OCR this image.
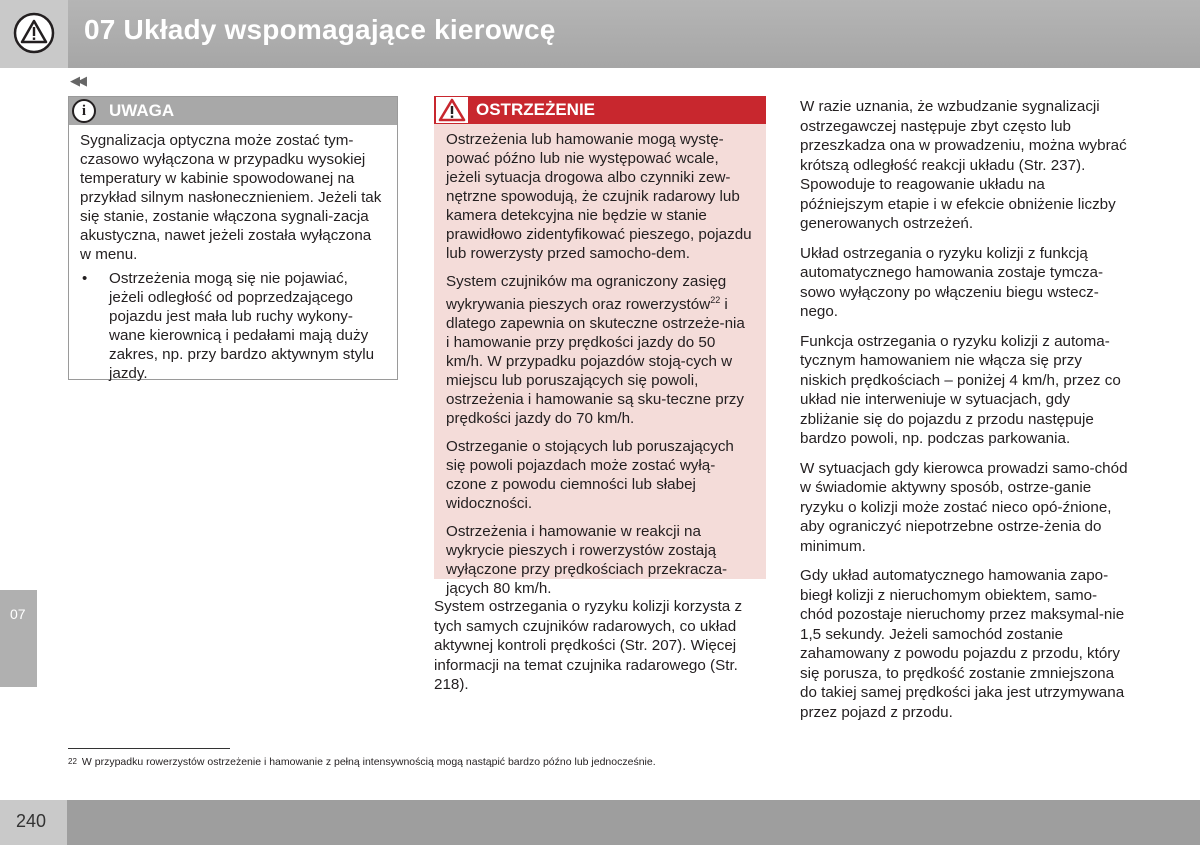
07 Układy wspomagające kierowcę
◀◀
i	UWAGA

Sygnalizacja optyczna może zostać tym-czasowo wyłączona w przypadku wysokiej temperatury w kabinie spowodowanej na przykład silnym nasłonecznieniem. Jeżeli tak się stanie, zostanie włączona sygnali-zacja akustyczna, nawet jeżeli została wyłączona w menu.

• Ostrzeżenia mogą się nie pojawiać, jeżeli odległość od poprzedzającego pojazdu jest mała lub ruchy wykony-wane kierownicą i pedałami mają duży zakres, np. przy bardzo aktywnym stylu jazdy.
OSTRZEŻENIE

Ostrzeżenia lub hamowanie mogą wystę-pować późno lub nie występować wcale, jeżeli sytuacja drogowa albo czynniki zew-nętrzne spowodują, że czujnik radarowy lub kamera detekcyjna nie będzie w stanie prawidłowo zidentyfikować pieszego, pojazdu lub rowerzysty przed samocho-dem.

System czujników ma ograniczony zasięg wykrywania pieszych oraz rowerzystów$^{22}$ i dlatego zapewnia on skuteczne ostrzeże-nia i hamowanie przy prędkości jazdy do 50 km/h. W przypadku pojazdów stoją-cych w miejscu lub poruszających się powoli, ostrzeżenia i hamowanie są sku-teczne przy prędkości jazdy do 70 km/h.

Ostrzeganie o stojących lub poruszających się powoli pojazdach może zostać wyłą-czone z powodu ciemności lub słabej widoczności.

Ostrzeżenia i hamowanie w reakcji na wykrycie pieszych i rowerzystów zostają wyłączone przy prędkościach przekracza-jących 80 km/h.

System ostrzegania o ryzyku kolizji korzysta z tych samych czujników radarowych, co układ aktywnej kontroli prędkości (Str. 207). Więcej informacji na temat czujnika radarowego (Str. 218).

W razie uznania, że wzbudzanie sygnalizacji ostrzegawczej następuje zbyt często lub przeszkadza ona w prowadzeniu, można wybrać krótszą odległość reakcji układu (Str. 237). Spowoduje to reagowanie układu na późniejszym etapie i w efekcie obniżenie liczby generowanych ostrzeżeń.

Układ ostrzegania o ryzyku kolizji z funkcją automatycznego hamowania zostaje tymcza-sowo wyłączony po włączeniu biegu wstecz-nego.

Funkcja ostrzegania o ryzyku kolizji z automa-tycznym hamowaniem nie włącza się przy niskich prędkościach – poniżej 4 km/h, przez co układ nie interweniuje w sytuacjach, gdy zbliżanie się do pojazdu z przodu następuje bardzo powoli, np. podczas parkowania.

W sytuacjach gdy kierowca prowadzi samo-chód w świadomie aktywny sposób, ostrze-ganie ryzyku o kolizji może zostać nieco opó-źnione, aby ograniczyć niepotrzebne ostrze-żenia do minimum.

Gdy układ automatycznego hamowania zapo-biegł kolizji z nieruchomym obiektem, samo-chód pozostaje nieruchomy przez maksymal-nie 1,5 sekundy. Jeżeli samochód zostanie zahamowany z powodu pojazdu z przodu, który się porusza, to prędkość zostanie zmniejszona do takiej samej prędkości jaka jest utrzymywana przez pojazd z przodu.

07
$^{22}$ W przypadku rowerzystów ostrzeżenie i hamowanie z pełną intensywnością mogą nastąpić bardzo późno lub jednocześnie.
240
